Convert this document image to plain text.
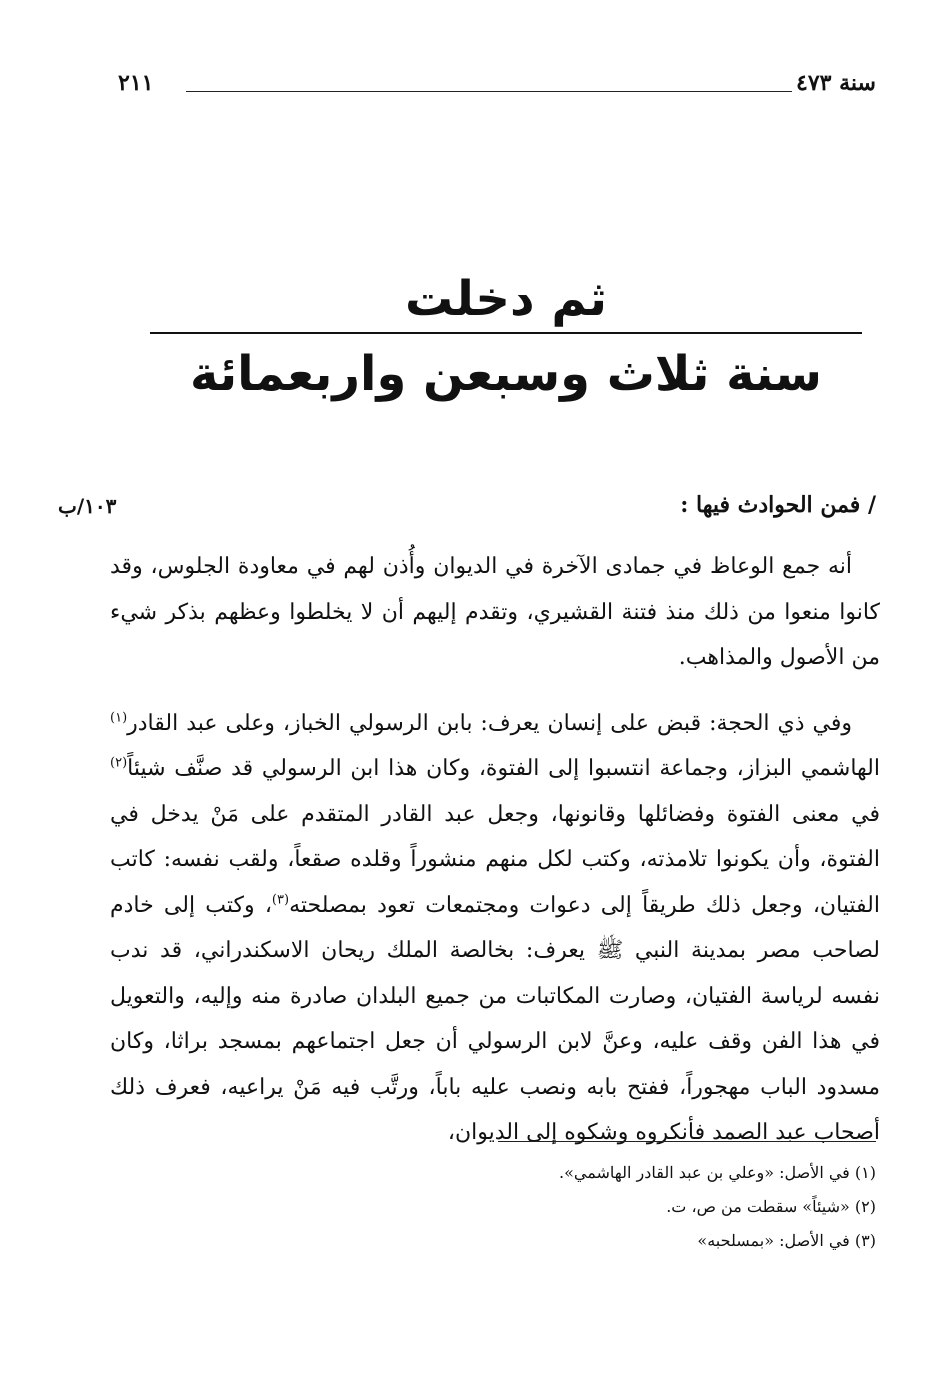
سنة ٤٧٣
٢١١
ثم دخلت
سنة ثلاث وسبعن واربعمائة
/ فمن الحوادث فيها :
١٠٣/ب

أنه جمع الوعاظ في جمادى الآخرة في الديوان وأُذن لهم في معاودة الجلوس، وقد كانوا منعوا من ذلك منذ فتنة القشيري، وتقدم إليهم أن لا يخلطوا وعظهم بذكر شيء من الأصول والمذاهب.

وفي ذي الحجة: قبض على إنسان يعرف: بابن الرسولي الخباز، وعلى عبد القادر$^{(١)}$ الهاشمي البزاز، وجماعة انتسبوا إلى الفتوة، وكان هذا ابن الرسولي قد صنَّف شيئاً$^{(٢)}$ في معنى الفتوة وفضائلها وقانونها، وجعل عبد القادر المتقدم على مَنْ يدخل في الفتوة، وأن يكونوا تلامذته، وكتب لكل منهم منشوراً وقلده صقعاً، ولقب نفسه: كاتب الفتيان، وجعل ذلك طريقاً إلى دعوات ومجتمعات تعود بمصلحته$^{(٣)}$، وكتب إلى خادم لصاحب مصر بمدينة النبي ﷺ يعرف: بخالصة الملك ريحان الاسكندراني، قد ندب نفسه لرياسة الفتيان، وصارت المكاتبات من جميع البلدان صادرة منه وإليه، والتعويل في هذا الفن وقف عليه، وعنَّ لابن الرسولي أن جعل اجتماعهم بمسجد براثا، وكان مسدود الباب مهجوراً، ففتح بابه ونصب عليه باباً، ورتَّب فيه مَنْ يراعيه، فعرف ذلك أصحاب عبد الصمد فأنكروه وشكوه إلى الديوان،

(١) في الأصل: «وعلي بن عبد القادر الهاشمي».
(٢) «شيئاً» سقطت من ص، ت.
(٣) في الأصل: «بمسلحبه»
